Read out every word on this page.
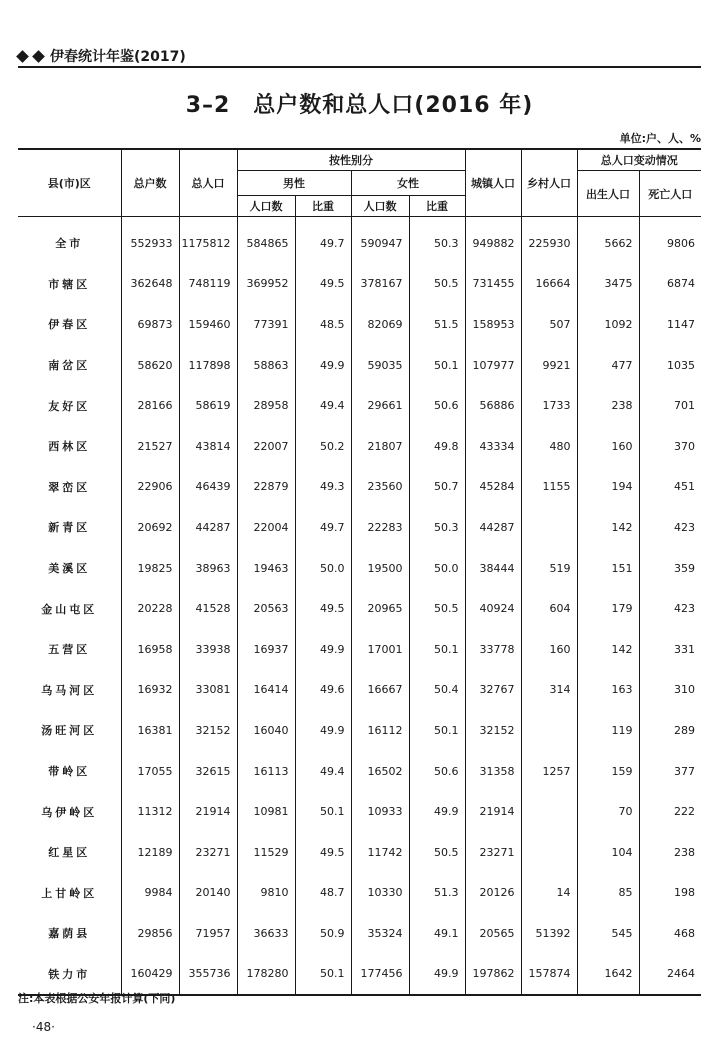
伊春统计年鉴(2017)
3–2　总户数和总人口(2016 年)
单位:户、人、%
县(市)区	总户数	总人口	按性别分				城镇人口	乡村人口	总人口变动情况	
			男性		女性				出生人口	死亡人口
			人口数	比重	人口数	比重				
全市	552933	1175812	584865	49.7	590947	50.3	949882	225930	5662	9806
市辖区	362648	748119	369952	49.5	378167	50.5	731455	16664	3475	6874
伊春区	69873	159460	77391	48.5	82069	51.5	158953	507	1092	1147
南岔区	58620	117898	58863	49.9	59035	50.1	107977	9921	477	1035
友好区	28166	58619	28958	49.4	29661	50.6	56886	1733	238	701
西林区	21527	43814	22007	50.2	21807	49.8	43334	480	160	370
翠峦区	22906	46439	22879	49.3	23560	50.7	45284	1155	194	451
新青区	20692	44287	22004	49.7	22283	50.3	44287		142	423
美溪区	19825	38963	19463	50.0	19500	50.0	38444	519	151	359
金山屯区	20228	41528	20563	49.5	20965	50.5	40924	604	179	423
五营区	16958	33938	16937	49.9	17001	50.1	33778	160	142	331
乌马河区	16932	33081	16414	49.6	16667	50.4	32767	314	163	310
汤旺河区	16381	32152	16040	49.9	16112	50.1	32152		119	289
带岭区	17055	32615	16113	49.4	16502	50.6	31358	1257	159	377
乌伊岭区	11312	21914	10981	50.1	10933	49.9	21914		70	222
红星区	12189	23271	11529	49.5	11742	50.5	23271		104	238
上甘岭区	9984	20140	9810	48.7	10330	51.3	20126	14	85	198
嘉荫县	29856	71957	36633	50.9	35324	49.1	20565	51392	545	468
铁力市	160429	355736	178280	50.1	177456	49.9	197862	157874	1642	2464
注:本表根据公安年报计算(下同)
·48·
